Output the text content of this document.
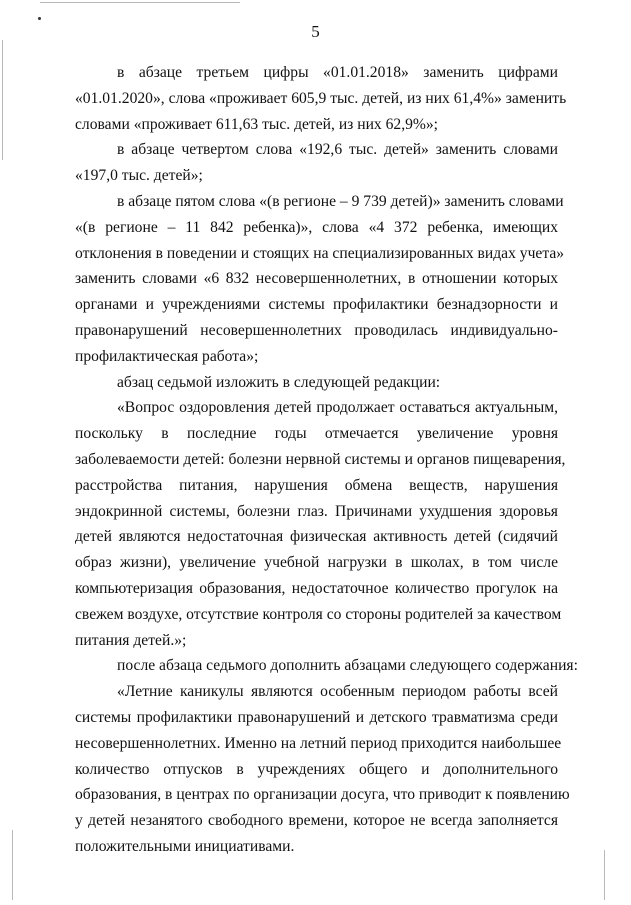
5
в абзаце третьем цифры «01.01.2018» заменить цифрами
«01.01.2020», слова «проживает 605,9 тыс. детей, из них 61,4%» заменить
словами «проживает 611,63 тыс. детей, из них 62,9%»;
в абзаце четвертом слова «192,6 тыс. детей» заменить словами
«197,0 тыс. детей»;
в абзаце пятом слова «(в регионе – 9 739 детей)» заменить словами
«(в регионе – 11 842 ребенка)», слова «4 372 ребенка, имеющих
отклонения в поведении и стоящих на специализированных видах учета»
заменить словами «6 832 несовершеннолетних, в отношении которых
органами и учреждениями системы профилактики безнадзорности и
правонарушений несовершеннолетних проводилась индивидуально-
профилактическая работа»;
абзац седьмой изложить в следующей редакции:
«Вопрос оздоровления детей продолжает оставаться актуальным,
поскольку в последние годы отмечается увеличение уровня
заболеваемости детей: болезни нервной системы и органов пищеварения,
расстройства питания, нарушения обмена веществ, нарушения
эндокринной системы, болезни глаз. Причинами ухудшения здоровья
детей являются недостаточная физическая активность детей (сидячий
образ жизни), увеличение учебной нагрузки в школах, в том числе
компьютеризация образования, недостаточное количество прогулок на
свежем воздухе, отсутствие контроля со стороны родителей за качеством
питания детей.»;
после абзаца седьмого дополнить абзацами следующего содержания:
«Летние каникулы являются особенным периодом работы всей
системы профилактики правонарушений и детского травматизма среди
несовершеннолетних. Именно на летний период приходится наибольшее
количество отпусков в учреждениях общего и дополнительного
образования, в центрах по организации досуга, что приводит к появлению
у детей незанятого свободного времени, которое не всегда заполняется
положительными инициативами.
